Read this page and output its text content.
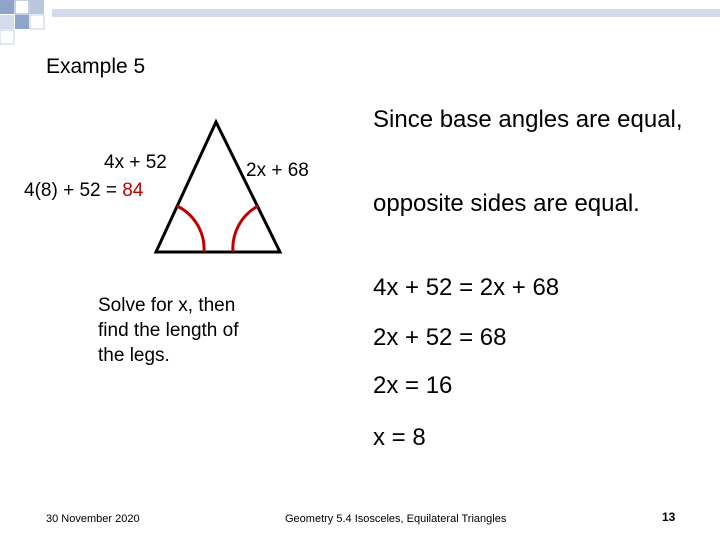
Example 5
4x + 52
4(8) + 52 = 84
2x + 68
Solve for x, then find the length of the legs.
Since base angles are equal,
opposite sides are equal.
4x + 52 = 2x + 68
2x + 52 = 68
2x = 16
x = 8
30 November 2020	Geometry 5.4 Isosceles, Equilateral Triangles	13
